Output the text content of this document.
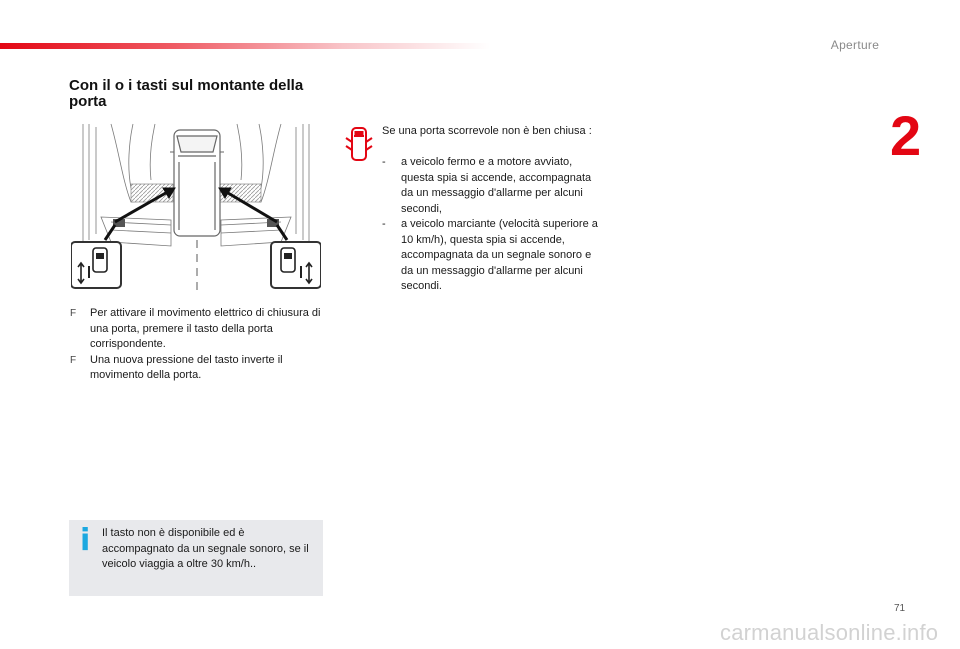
Aperture
2
Con il o i tasti sul montante della porta
F Per attivare il movimento elettrico di chiusura di una porta, premere il tasto della porta corrispondente.
F Una nuova pressione del tasto inverte il movimento della porta.
i Il tasto non è disponibile ed è accompagnato da un segnale sonoro, se il veicolo viaggia a oltre 30 km/h..
Se una porta scorrevole non è ben chiusa :
- a veicolo fermo e a motore avviato, questa spia si accende, accompagnata da un messaggio d'allarme per alcuni secondi,
- a veicolo marciante (velocità superiore a 10 km/h), questa spia si accende, accompagnata da un segnale sonoro e da un messaggio d'allarme per alcuni secondi.
71
carmanualsonline.info
